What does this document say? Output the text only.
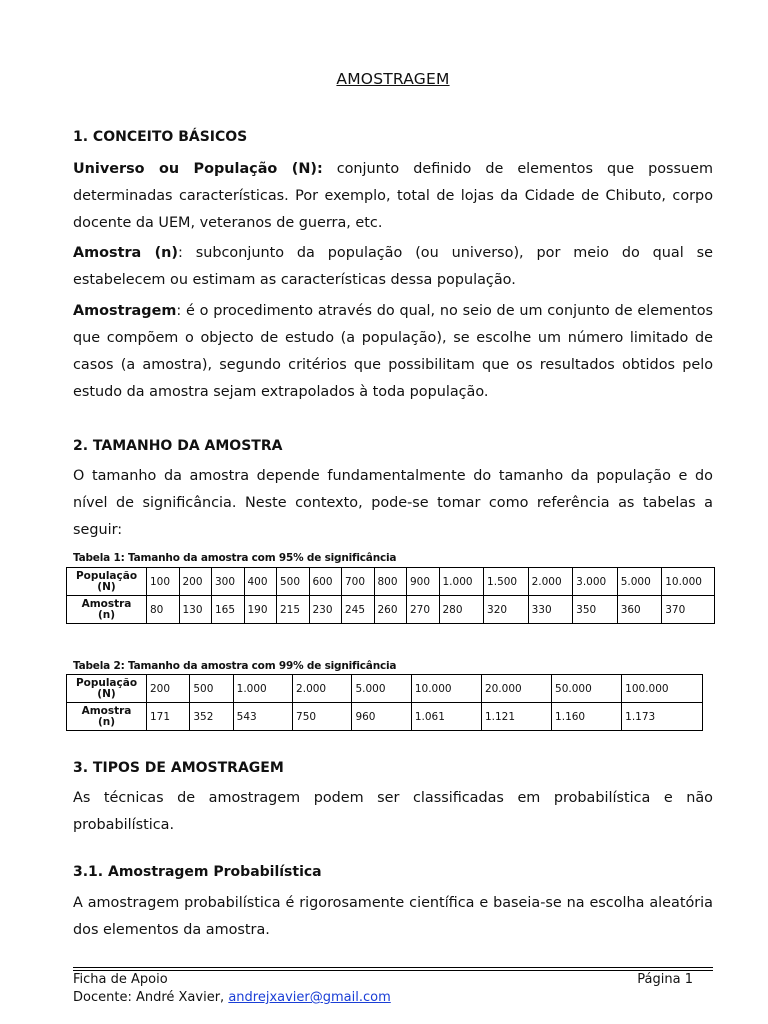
AMOSTRAGEM
1. CONCEITO BÁSICOS
Universo ou População (N): conjunto definido de elementos que possuem determinadas características. Por exemplo, total de lojas da Cidade de Chibuto, corpo docente da UEM, veteranos de guerra, etc.
Amostra (n): subconjunto da população (ou universo), por meio do qual se estabelecem ou estimam as características dessa população.
Amostragem: é o procedimento através do qual, no seio de um conjunto de elementos que compõem o objecto de estudo (a população), se escolhe um número limitado de casos (a amostra), segundo critérios que possibilitam que os resultados obtidos pelo estudo da amostra sejam extrapolados à toda população.
2. TAMANHO DA AMOSTRA
O tamanho da amostra depende fundamentalmente do tamanho da população e do nível de significância. Neste contexto, pode-se tomar como referência as tabelas a seguir:
Tabela 1: Tamanho da amostra com 95% de significância
População
(N)	100	200	300	400	500	600	700	800	900	1.000	1.500	2.000	3.000	5.000	10.000
Amostra
(n)	80	130	165	190	215	230	245	260	270	280	320	330	350	360	370
Tabela 2: Tamanho da amostra com 99% de significância
População
(N)	200	500	1.000	2.000	5.000	10.000	20.000	50.000	100.000
Amostra
(n)	171	352	543	750	960	1.061	1.121	1.160	1.173
3. TIPOS DE AMOSTRAGEM
As técnicas de amostragem podem ser classificadas em probabilística e não probabilística.
3.1. Amostragem Probabilística
A amostragem probabilística é rigorosamente científica e baseia-se na escolha aleatória dos elementos da amostra.
Ficha de Apoio	Página 1
Docente: André Xavier, andrejxavier@gmail.com
